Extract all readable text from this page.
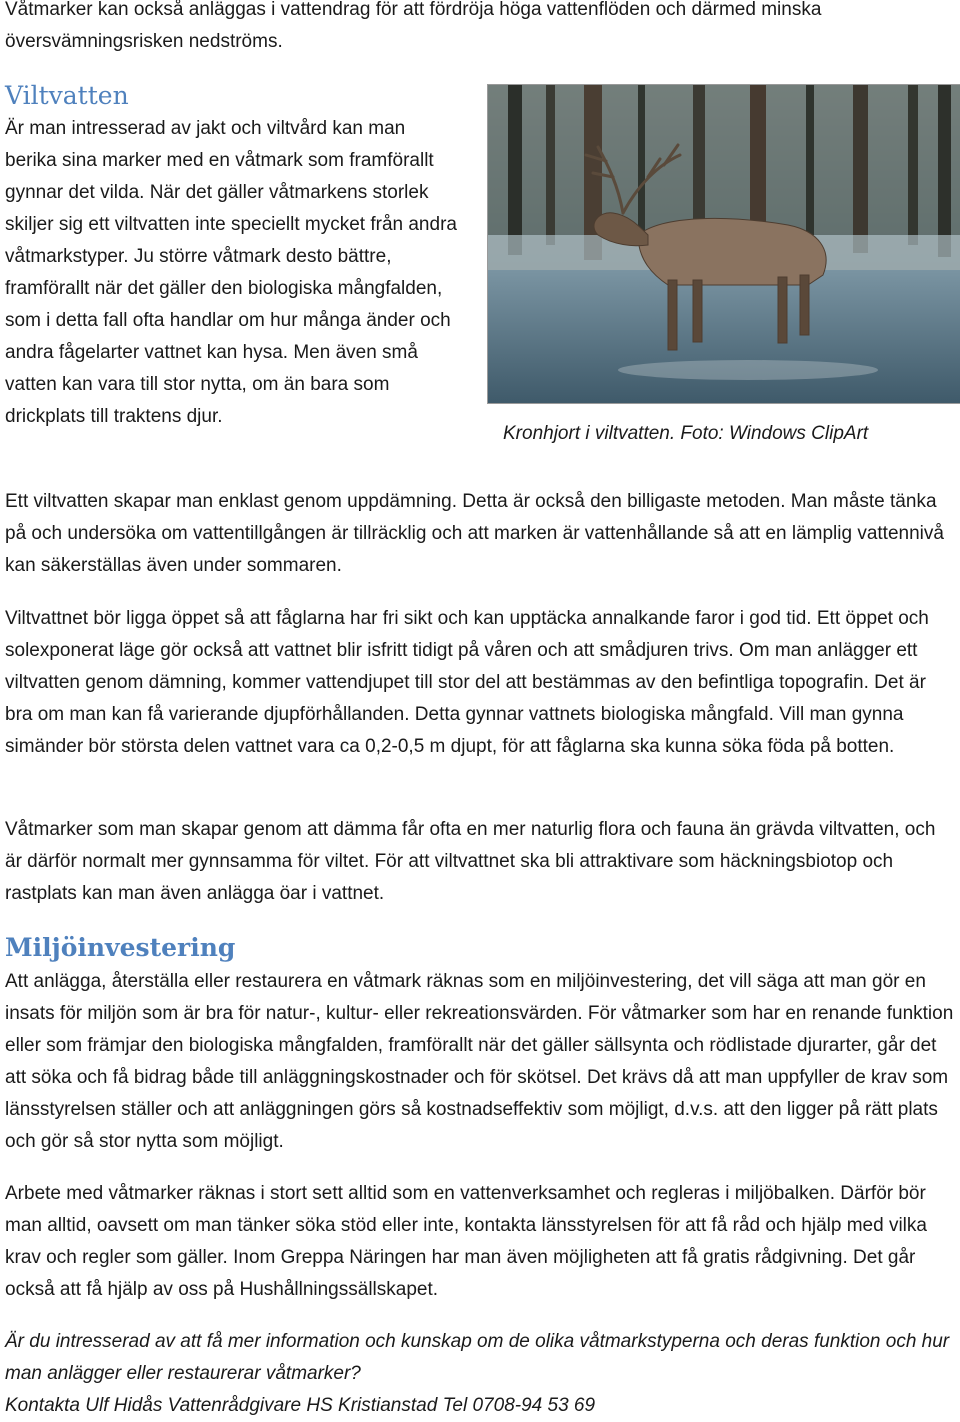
Våtmarker kan också anläggas i vattendrag för att fördröja höga vattenflöden och därmed minska översvämningsrisken nedströms.

Viltvatten

Är man intresserad av jakt och viltvård kan man berika sina marker med en våtmark som framförallt gynnar det vilda. När det gäller våtmarkens storlek skiljer sig ett viltvatten inte speciellt mycket från andra våtmarkstyper. Ju större våtmark desto bättre, framförallt när det gäller den biologiska mångfalden, som i detta fall ofta handlar om hur många änder och andra fågelarter vattnet kan hysa. Men även små vatten kan vara till stor nytta, om än bara som drickplats till traktens djur.

Kronhjort i viltvatten. Foto: Windows ClipArt

Ett viltvatten skapar man enklast genom uppdämning. Detta är också den billigaste metoden. Man måste tänka på och undersöka om vattentillgången är tillräcklig och att marken är vattenhållande så att en lämplig vattennivå kan säkerställas även under sommaren.

Viltvattnet bör ligga öppet så att fåglarna har fri sikt och kan upptäcka annalkande faror i god tid. Ett öppet och solexponerat läge gör också att vattnet blir isfritt tidigt på våren och att smådjuren trivs. Om man anlägger ett viltvatten genom dämning, kommer vattendjupet till stor del att bestämmas av den befintliga topografin. Det är bra om man kan få varierande djupförhållanden. Detta gynnar vattnets biologiska mångfald. Vill man gynna simänder bör största delen vattnet vara ca 0,2-0,5 m djupt, för att fåglarna ska kunna söka föda på botten.

Våtmarker som man skapar genom att dämma får ofta en mer naturlig flora och fauna än grävda viltvatten, och är därför normalt mer gynnsamma för viltet. För att viltvattnet ska bli attraktivare som häckningsbiotop och rastplats kan man även anlägga öar i vattnet.

Miljöinvestering

Att anlägga, återställa eller restaurera en våtmark räknas som en miljöinvestering, det vill säga att man gör en insats för miljön som är bra för natur-, kultur- eller rekreationsvärden. För våtmarker som har en renande funktion eller som främjar den biologiska mångfalden, framförallt när det gäller sällsynta och rödlistade djurarter, går det att söka och få bidrag både till anläggningskostnader och för skötsel. Det krävs då att man uppfyller de krav som länsstyrelsen ställer och att anläggningen görs så kostnadseffektiv som möjligt, d.v.s. att den ligger på rätt plats och gör så stor nytta som möjligt.

Arbete med våtmarker räknas i stort sett alltid som en vattenverksamhet och regleras i miljöbalken. Därför bör man alltid, oavsett om man tänker söka stöd eller inte, kontakta länsstyrelsen för att få råd och hjälp med vilka krav och regler som gäller. Inom Greppa Näringen har man även möjligheten att få gratis rådgivning. Det går också att få hjälp av oss på Hushållningssällskapet.

Är du intresserad av att få mer information och kunskap om de olika våtmarkstyperna och deras funktion och hur man anlägger eller restaurerar våtmarker?

Kontakta Ulf Hidås Vattenrådgivare HS Kristianstad Tel 0708-94 53 69
